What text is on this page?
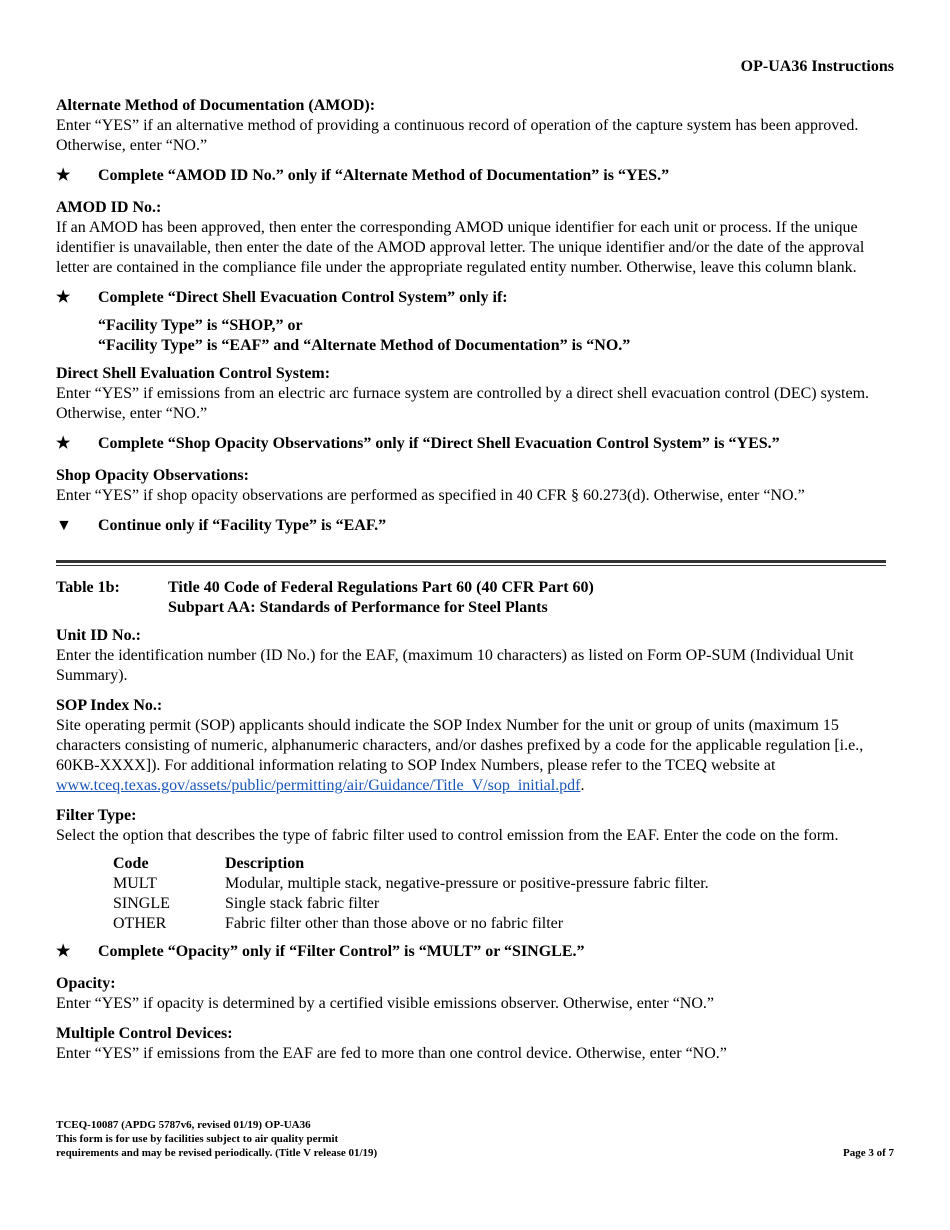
OP-UA36 Instructions
Alternate Method of Documentation (AMOD):

Enter “YES” if an alternative method of providing a continuous record of operation of the capture system has been approved. Otherwise, enter “NO.”

★ Complete “AMOD ID No.” only if “Alternate Method of Documentation” is “YES.”
AMOD ID No.:

If an AMOD has been approved, then enter the corresponding AMOD unique identifier for each unit or process. If the unique identifier is unavailable, then enter the date of the AMOD approval letter. The unique identifier and/or the date of the approval letter are contained in the compliance file under the appropriate regulated entity number. Otherwise, leave this column blank.

★ Complete “Direct Shell Evacuation Control System” only if:
“Facility Type” is “SHOP,” or
“Facility Type” is “EAF” and “Alternate Method of Documentation” is “NO.”
Direct Shell Evaluation Control System:

Enter “YES” if emissions from an electric arc furnace system are controlled by a direct shell evacuation control (DEC) system. Otherwise, enter “NO.”

★ Complete “Shop Opacity Observations” only if “Direct Shell Evacuation Control System” is “YES.”
Shop Opacity Observations:

Enter “YES” if shop opacity observations are performed as specified in 40 CFR § 60.273(d). Otherwise, enter “NO.”

▼ Continue only if “Facility Type” is “EAF.”
Table 1b:	Title 40 Code of Federal Regulations Part 60 (40 CFR Part 60)
Subpart AA: Standards of Performance for Steel Plants
Unit ID No.:

Enter the identification number (ID No.) for the EAF, (maximum 10 characters) as listed on Form OP-SUM (Individual Unit Summary).

SOP Index No.:

Site operating permit (SOP) applicants should indicate the SOP Index Number for the unit or group of units (maximum 15 characters consisting of numeric, alphanumeric characters, and/or dashes prefixed by a code for the applicable regulation [i.e., 60KB-XXXX]). For additional information relating to SOP Index Numbers, please refer to the TCEQ website at www.tceq.texas.gov/assets/public/permitting/air/Guidance/Title_V/sop_initial.pdf.

Filter Type:

Select the option that describes the type of fabric filter used to control emission from the EAF. Enter the code on the form.

Code	Description
MULT	Modular, multiple stack, negative-pressure or positive-pressure fabric filter.
SINGLE	Single stack fabric filter
OTHER	Fabric filter other than those above or no fabric filter
★ Complete “Opacity” only if “Filter Control” is “MULT” or “SINGLE.”
Opacity:

Enter “YES” if opacity is determined by a certified visible emissions observer. Otherwise, enter “NO.”

Multiple Control Devices:

Enter “YES” if emissions from the EAF are fed to more than one control device. Otherwise, enter “NO.”

TCEQ-10087 (APDG 5787v6, revised 01/19) OP-UA36
This form is for use by facilities subject to air quality permit
requirements and may be revised periodically. (Title V release 01/19)	Page 3 of 7
